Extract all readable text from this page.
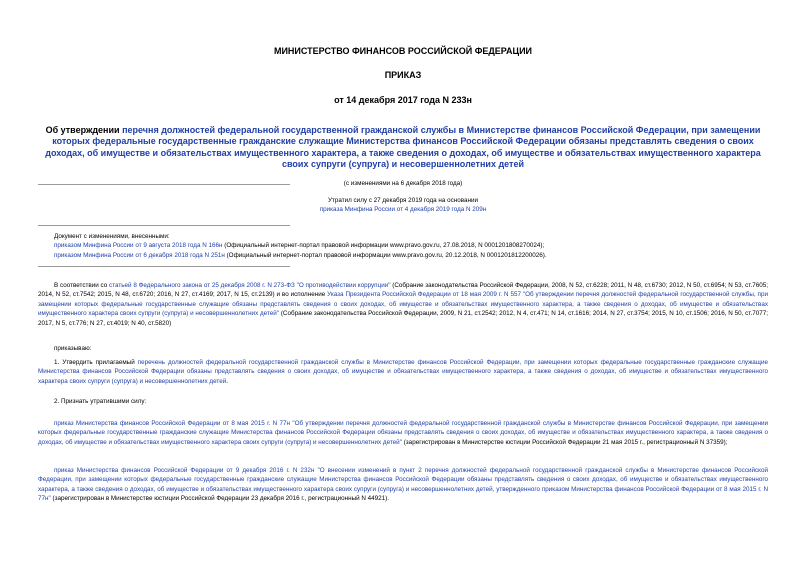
МИНИСТЕРСТВО ФИНАНСОВ РОССИЙСКОЙ ФЕДЕРАЦИИ
ПРИКАЗ
от 14 декабря 2017 года N 233н
Об утверждении перечня должностей федеральной государственной гражданской службы в Министерстве финансов Российской Федерации, при замещении которых федеральные государственные гражданские служащие Министерства финансов Российской Федерации обязаны представлять сведения о своих доходах, об имуществе и обязательствах имущественного характера, а также сведения о доходах, об имуществе и обязательствах имущественного характера своих супруги (супруга) и несовершеннолетних детей
(с изменениями на 6 декабря 2018 года)
Утратил силу с 27 декабря 2019 года на основании
приказа Минфина России от 4 декабря 2019 года N 209н
Документ с изменениями, внесенными:
приказом Минфина России от 9 августа 2018 года N 166н (Официальный интернет-портал правовой информации www.pravo.gov.ru, 27.08.2018, N 0001201808270024);
приказом Минфина России от 6 декабря 2018 года N 251н (Официальный интернет-портал правовой информации www.pravo.gov.ru, 20.12.2018, N 0001201812200026).
В соответствии со статьей 8 Федерального закона от 25 декабря 2008 г. N 273-ФЗ "О противодействии коррупции" (Собрание законодательства Российской Федерации, 2008, N 52, ст.6228; 2011, N 48, ст.6730; 2012, N 50, ст.6954; N 53, ст.7605; 2014, N 52, ст.7542; 2015, N 48, ст.6720; 2016, N 27, ст.4169; 2017, N 15, ст.2139) и во исполнение Указа Президента Российской Федерации от 18 мая 2009 г. N 557 "Об утверждении перечня должностей федеральной государственной службы, при замещении которых федеральные государственные служащие обязаны представлять сведения о своих доходах, об имуществе и обязательствах имущественного характера, а также сведения о доходах, об имуществе и обязательствах имущественного характера своих супруги (супруга) и несовершеннолетних детей" (Собрание законодательства Российской Федерации, 2009, N 21, ст.2542; 2012, N 4, ст.471; N 14, ст.1616; 2014, N 27, ст.3754; 2015, N 10, ст.1506; 2016, N 50, ст.7077; 2017, N 5, ст.776; N 27, ст.4019; N 40, ст.5820)
приказываю:
1. Утвердить прилагаемый перечень должностей федеральной государственной гражданской службы в Министерстве финансов Российской Федерации, при замещении которых федеральные государственные гражданские служащие Министерства финансов Российской Федерации обязаны представлять сведения о своих доходах, об имуществе и обязательствах имущественного характера, а также сведения о доходах, об имуществе и обязательствах имущественного характера своих супруги (супруга) и несовершеннолетних детей.
2. Признать утратившими силу:
приказ Министерства финансов Российской Федерации от 8 мая 2015 г. N 77н "Об утверждении перечня должностей федеральной государственной гражданской службы в Министерстве финансов Российской Федерации, при замещении которых федеральные государственные гражданские служащие Министерства финансов Российской Федерации обязаны представлять сведения о своих доходах, об имуществе и обязательствах имущественного характера, а также сведения о доходах, об имуществе и обязательствах имущественного характера своих супруги (супруга) и несовершеннолетних детей" (зарегистрирован в Министерстве юстиции Российской Федерации 21 мая 2015 г., регистрационный N 37359);
приказ Министерства финансов Российской Федерации от 9 декабря 2016 г. N 232н "О внесении изменений в пункт 2 перечня должностей федеральной государственной гражданской службы в Министерстве финансов Российской Федерации, при замещении которых федеральные государственные гражданские служащие Министерства финансов Российской Федерации обязаны представлять сведения о своих доходах, об имуществе и обязательствах имущественного характера, а также сведения о доходах, об имуществе и обязательствах имущественного характера своих супруги (супруга) и несовершеннолетних детей, утвержденного приказом Министерства финансов Российской Федерации от 8 мая 2015 г. N 77н" (зарегистрирован в Министерстве юстиции Российской Федерации 23 декабря 2016 г., регистрационный N 44921).
